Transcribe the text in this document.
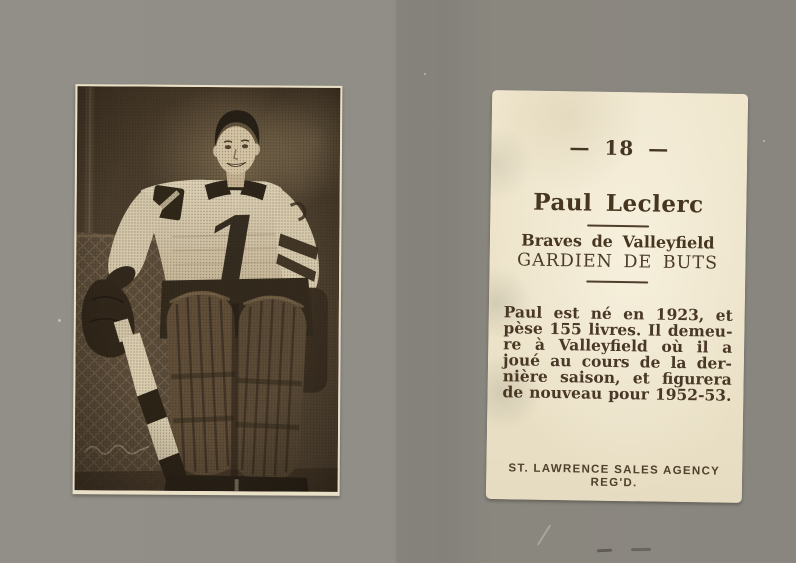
— 18 —
Paul Leclerc
Braves de Valleyfield
GARDIEN DE BUTS
Paul est né en 1923, et
pèse 155 livres. Il demeu-
re à Valleyfield où il a
joué au cours de la der-
nière saison, et figurera
de nouveau pour 1952-53.
ST. LAWRENCE SALES AGENCY
REG'D.
